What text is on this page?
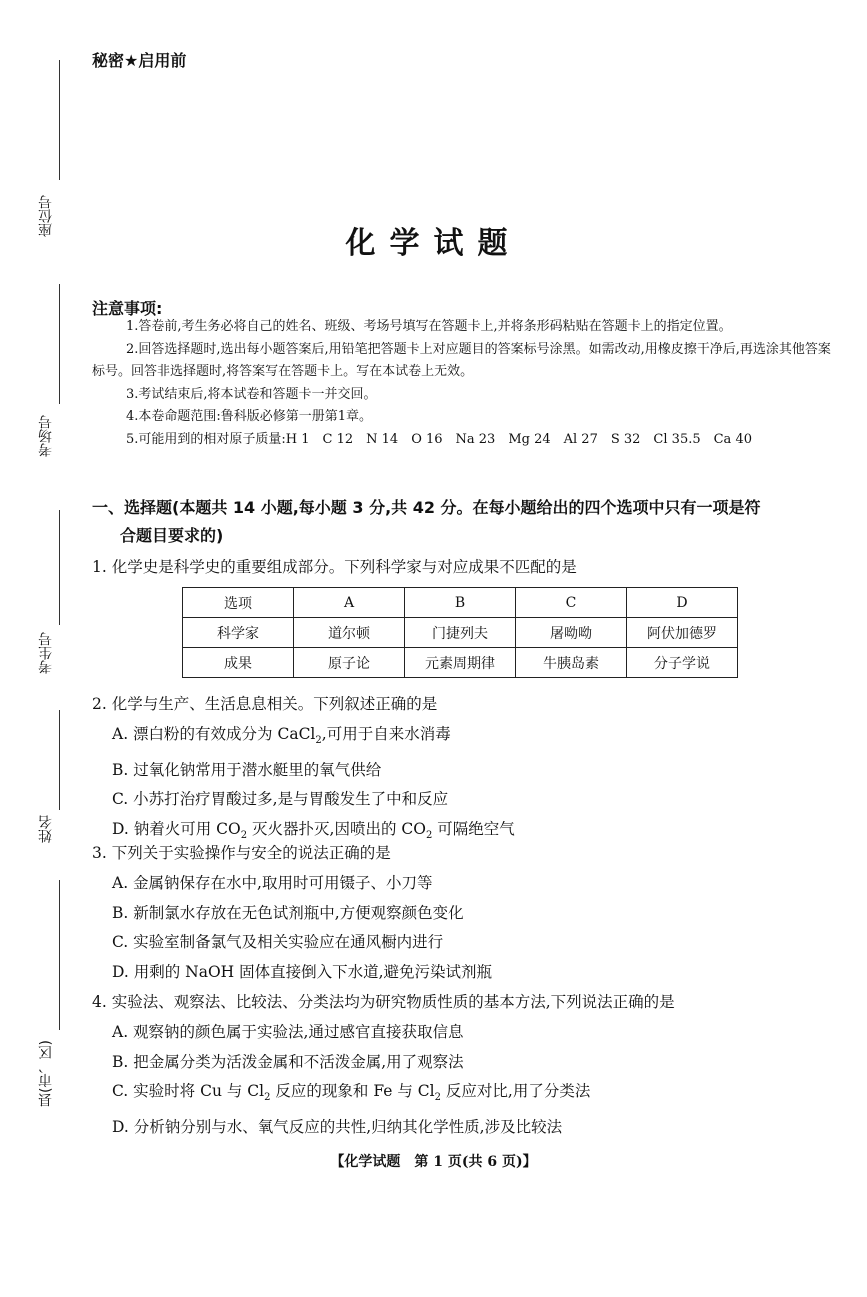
座位号
考场号
考生号
姓名
县(市、区)
秘密★启用前
化学试题
注意事项:

1.答卷前,考生务必将自己的姓名、班级、考场号填写在答题卡上,并将条形码粘贴在答题卡上的指定位置。

2.回答选择题时,选出每小题答案后,用铅笔把答题卡上对应题目的答案标号涂黑。如需改动,用橡皮擦干净后,再选涂其他答案标号。回答非选择题时,将答案写在答题卡上。写在本试卷上无效。

3.考试结束后,将本试卷和答题卡一并交回。

4.本卷命题范围:鲁科版必修第一册第1章。

5.可能用到的相对原子质量:H 1　C 12　N 14　O 16　Na 23　Mg 24　Al 27　S 32　Cl 35.5　Ca 40

一、选择题(本题共 14 小题,每小题 3 分,共 42 分。在每小题给出的四个选项中只有一项是符
合题目要求的)
1. 化学史是科学史的重要组成部分。下列科学家与对应成果不匹配的是
选项	A	B	C	D
科学家	道尔顿	门捷列夫	屠呦呦	阿伏加德罗
成果	原子论	元素周期律	牛胰岛素	分子学说
2. 化学与生产、生活息息相关。下列叙述正确的是
A. 漂白粉的有效成分为 CaCl$_2$,可用于自来水消毒
B. 过氧化钠常用于潜水艇里的氧气供给
C. 小苏打治疗胃酸过多,是与胃酸发生了中和反应
D. 钠着火可用 $CO_2$ 灭火器扑灭,因喷出的 $CO_2$ 可隔绝空气
3. 下列关于实验操作与安全的说法正确的是
A. 金属钠保存在水中,取用时可用镊子、小刀等
B. 新制氯水存放在无色试剂瓶中,方便观察颜色变化
C. 实验室制备氯气及相关实验应在通风橱内进行
D. 用剩的 NaOH 固体直接倒入下水道,避免污染试剂瓶
4. 实验法、观察法、比较法、分类法均为研究物质性质的基本方法,下列说法正确的是
A. 观察钠的颜色属于实验法,通过感官直接获取信息
B. 把金属分类为活泼金属和不活泼金属,用了观察法
C. 实验时将 Cu 与 $Cl_2$ 反应的现象和 Fe 与 $Cl_2$ 反应对比,用了分类法
D. 分析钠分别与水、氧气反应的共性,归纳其化学性质,涉及比较法
【化学试题　第 1 页(共 6 页)】
